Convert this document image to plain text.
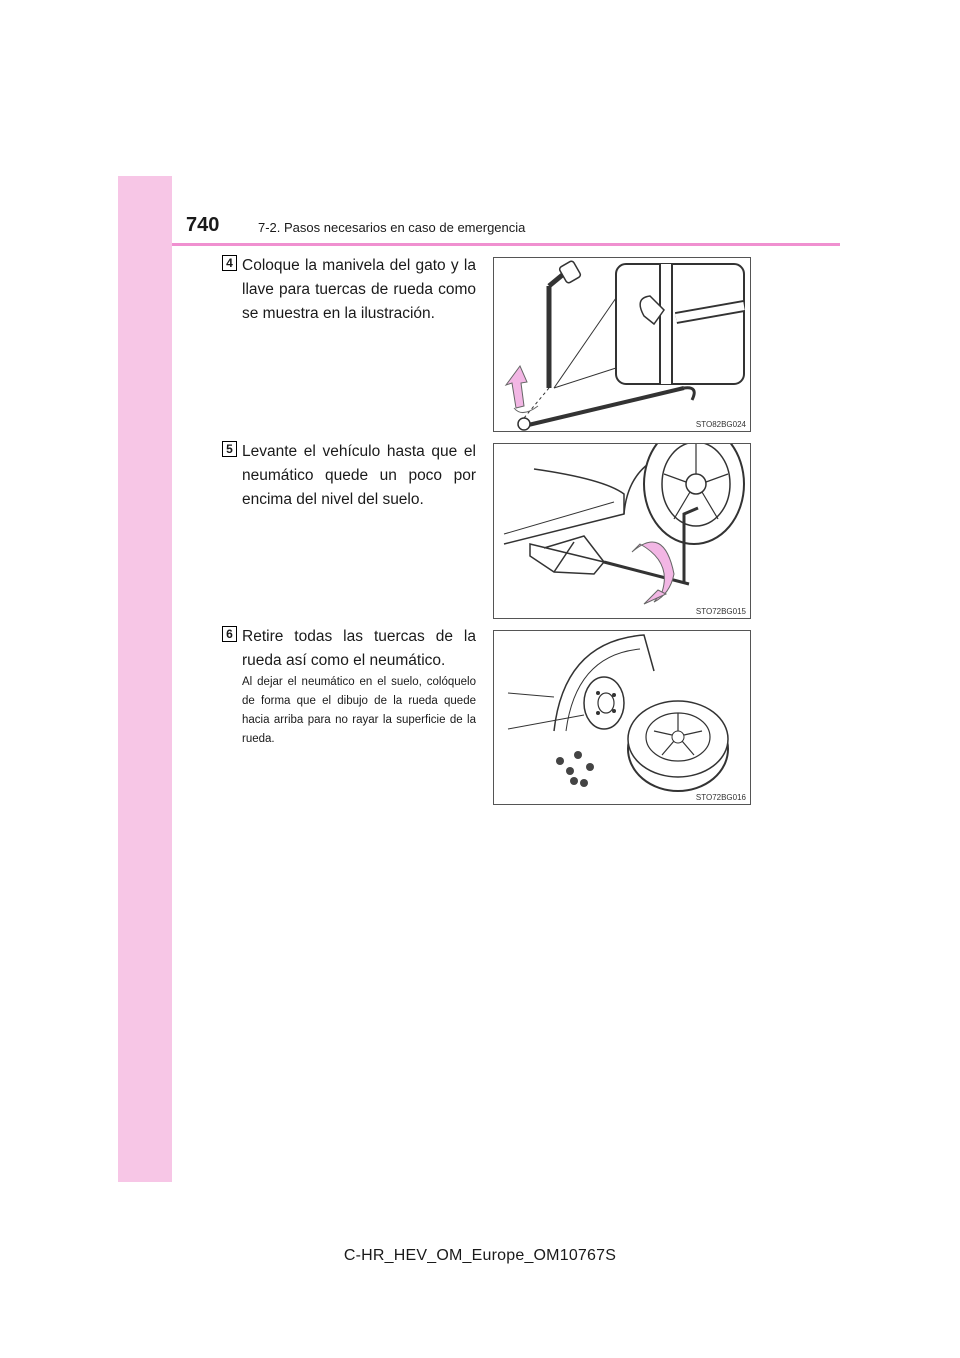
740	7-2. Pasos necesarios en caso de emergencia
4 Coloque la manivela del gato y la llave para tuercas de rueda como se muestra en la ilustración.
STO82BG024
5 Levante el vehículo hasta que el neumático quede un poco por encima del nivel del suelo.
STO72BG015
6 Retire todas las tuercas de la rueda así como el neumático.
Al dejar el neumático en el suelo, colóquelo de forma que el dibujo de la rueda quede hacia arriba para no rayar la superficie de la rueda.
STO72BG016
C-HR_HEV_OM_Europe_OM10767S
